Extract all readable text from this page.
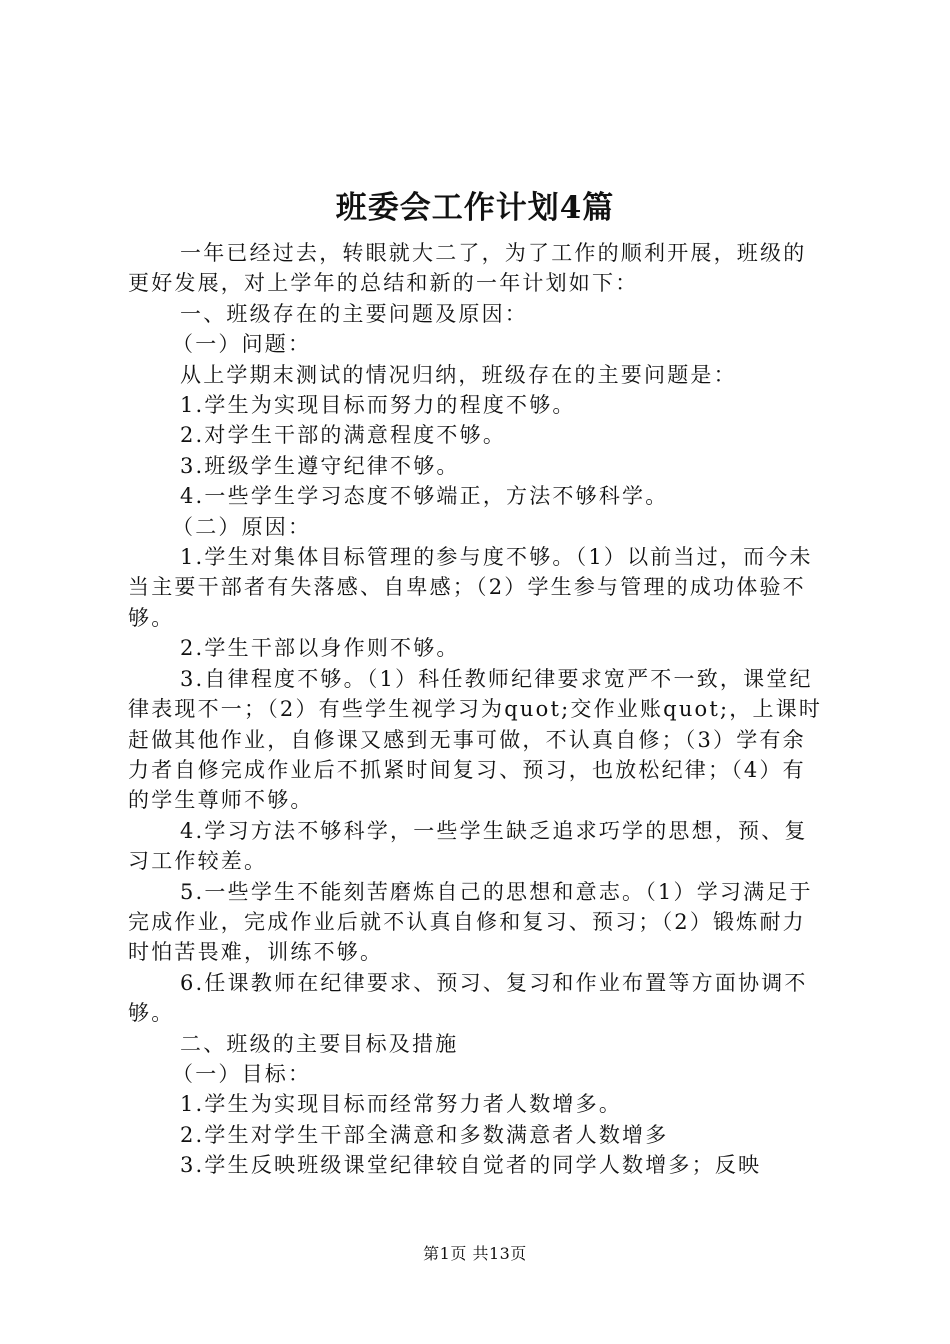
班委会工作计划4篇

一年已经过去，转眼就大二了，为了工作的顺利开展，班级的更好发展，对上学年的总结和新的一年计划如下：

一、班级存在的主要问题及原因：

（一）问题：

从上学期末测试的情况归纳，班级存在的主要问题是：

1.学生为实现目标而努力的程度不够。

2.对学生干部的满意程度不够。

3.班级学生遵守纪律不够。

4.一些学生学习态度不够端正，方法不够科学。

（二）原因：

1.学生对集体目标管理的参与度不够。（1）以前当过，而今未当主要干部者有失落感、自卑感；（2）学生参与管理的成功体验不够。

2.学生干部以身作则不够。

3.自律程度不够。（1）科任教师纪律要求宽严不一致，课堂纪律表现不一；（2）有些学生视学习为quot;交作业账quot;，上课时赶做其他作业，自修课又感到无事可做，不认真自修；（3）学有余力者自修完成作业后不抓紧时间复习、预习，也放松纪律；（4）有的学生尊师不够。

4.学习方法不够科学，一些学生缺乏追求巧学的思想，预、复习工作较差。

5.一些学生不能刻苦磨炼自己的思想和意志。（1）学习满足于完成作业，完成作业后就不认真自修和复习、预习；（2）锻炼耐力时怕苦畏难，训练不够。

6.任课教师在纪律要求、预习、复习和作业布置等方面协调不够。

二、班级的主要目标及措施

（一）目标：

1.学生为实现目标而经常努力者人数增多。

2.学生对学生干部全满意和多数满意者人数增多

3.学生反映班级课堂纪律较自觉者的同学人数增多；反映

第1页 共13页
